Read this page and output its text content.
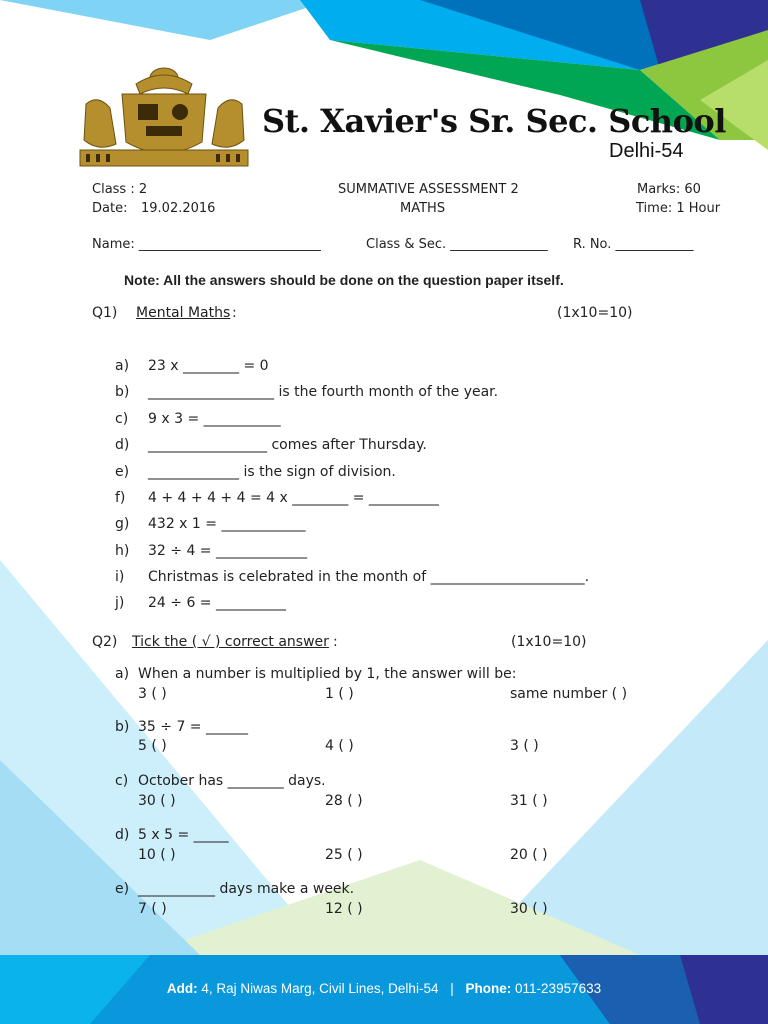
St. Xavier's Sr. Sec. School
Delhi-54
Class : 2
Date: 19.02.2016
SUMMATIVE ASSESSMENT 2
MATHS
Marks: 60
Time: 1 Hour
Name: ____________________________	Class & Sec. _______________ R. No. ____________
Note: All the answers should be done on the question paper itself.
Q1) Mental Maths :	(1x10=10)
a) 23 x ________ = 0
b) __________________ is the fourth month of the year.
c) 9 x 3 = ___________
d) _________________ comes after Thursday.
e) _____________ is the sign of division.
f) 4 + 4 + 4 + 4 = 4 x ________ = __________
g) 432 x 1 = ____________
h) 32 ÷ 4 = _____________
i) Christmas is celebrated in the month of ______________________.
j) 24 ÷ 6 = __________
Q2) Tick the ( √ ) correct answer :	(1x10=10)
a) When a number is multiplied by 1, the answer will be:
3 ( )	1 ( )	same number ( )
b) 35 ÷ 7 = ______
5 ( )	4 ( )	3 ( )
c) October has ________ days.
30 ( )	28 ( )	31 ( )
d) 5 x 5 = _____
10 ( )	25 ( )	20 ( )
e) ___________ days make a week.
7 ( )	12 ( )	30 ( )
Add: 4, Raj Niwas Marg, Civil Lines, Delhi-54 | Phone: 011-23957633
